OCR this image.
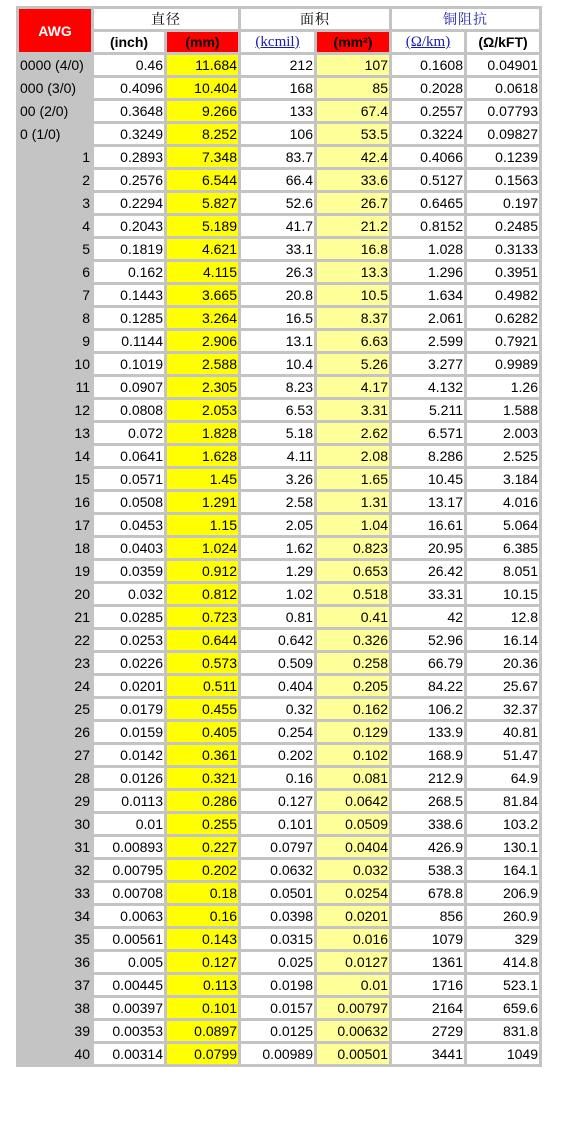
AWG	直径		面积		铜阻抗	
	(inch)	(mm)	(kcmil)	(mm²)	(Ω/km)	(Ω/kFT)
0000 (4/0)	0.46	11.684	212	107	0.1608	0.04901
000 (3/0)	0.4096	10.404	168	85	0.2028	0.0618
00 (2/0)	0.3648	9.266	133	67.4	0.2557	0.07793
0 (1/0)	0.3249	8.252	106	53.5	0.3224	0.09827
1	0.2893	7.348	83.7	42.4	0.4066	0.1239
2	0.2576	6.544	66.4	33.6	0.5127	0.1563
3	0.2294	5.827	52.6	26.7	0.6465	0.197
4	0.2043	5.189	41.7	21.2	0.8152	0.2485
5	0.1819	4.621	33.1	16.8	1.028	0.3133
6	0.162	4.115	26.3	13.3	1.296	0.3951
7	0.1443	3.665	20.8	10.5	1.634	0.4982
8	0.1285	3.264	16.5	8.37	2.061	0.6282
9	0.1144	2.906	13.1	6.63	2.599	0.7921
10	0.1019	2.588	10.4	5.26	3.277	0.9989
11	0.0907	2.305	8.23	4.17	4.132	1.26
12	0.0808	2.053	6.53	3.31	5.211	1.588
13	0.072	1.828	5.18	2.62	6.571	2.003
14	0.0641	1.628	4.11	2.08	8.286	2.525
15	0.0571	1.45	3.26	1.65	10.45	3.184
16	0.0508	1.291	2.58	1.31	13.17	4.016
17	0.0453	1.15	2.05	1.04	16.61	5.064
18	0.0403	1.024	1.62	0.823	20.95	6.385
19	0.0359	0.912	1.29	0.653	26.42	8.051
20	0.032	0.812	1.02	0.518	33.31	10.15
21	0.0285	0.723	0.81	0.41	42	12.8
22	0.0253	0.644	0.642	0.326	52.96	16.14
23	0.0226	0.573	0.509	0.258	66.79	20.36
24	0.0201	0.511	0.404	0.205	84.22	25.67
25	0.0179	0.455	0.32	0.162	106.2	32.37
26	0.0159	0.405	0.254	0.129	133.9	40.81
27	0.0142	0.361	0.202	0.102	168.9	51.47
28	0.0126	0.321	0.16	0.081	212.9	64.9
29	0.0113	0.286	0.127	0.0642	268.5	81.84
30	0.01	0.255	0.101	0.0509	338.6	103.2
31	0.00893	0.227	0.0797	0.0404	426.9	130.1
32	0.00795	0.202	0.0632	0.032	538.3	164.1
33	0.00708	0.18	0.0501	0.0254	678.8	206.9
34	0.0063	0.16	0.0398	0.0201	856	260.9
35	0.00561	0.143	0.0315	0.016	1079	329
36	0.005	0.127	0.025	0.0127	1361	414.8
37	0.00445	0.113	0.0198	0.01	1716	523.1
38	0.00397	0.101	0.0157	0.00797	2164	659.6
39	0.00353	0.0897	0.0125	0.00632	2729	831.8
40	0.00314	0.0799	0.00989	0.00501	3441	1049
